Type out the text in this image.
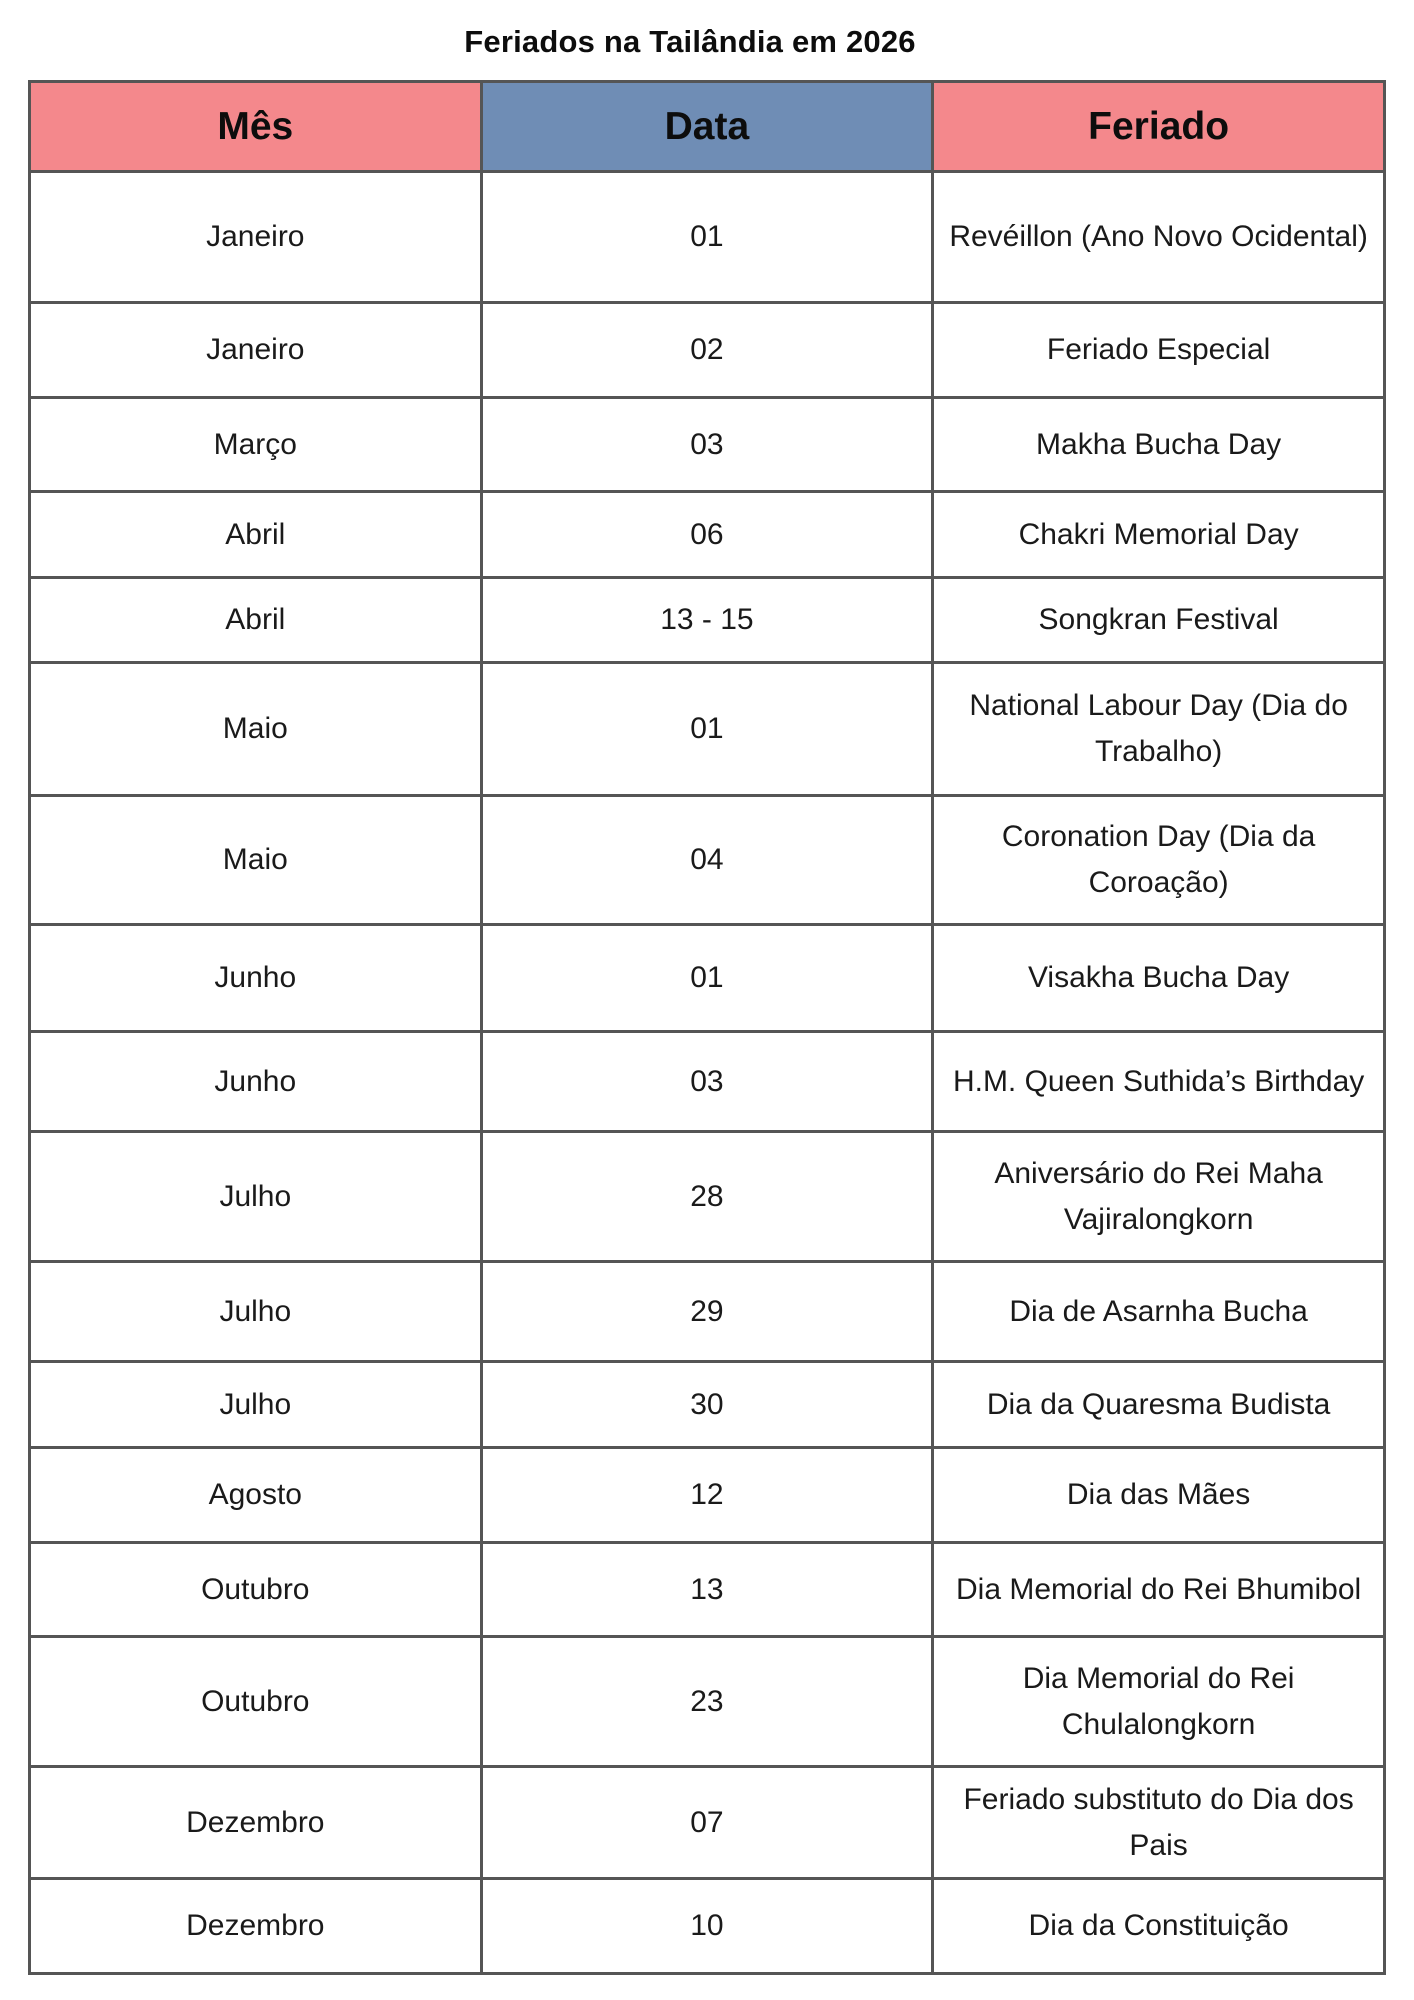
Feriados na Tailândia em 2026
Mês	Data	Feriado
Janeiro	01	Revéillon (Ano Novo Ocidental)
Janeiro	02	Feriado Especial
Março	03	Makha Bucha Day
Abril	06	Chakri Memorial Day
Abril	13 - 15	Songkran Festival
Maio	01	National Labour Day (Dia do Trabalho)
Maio	04	Coronation Day (Dia da Coroação)
Junho	01	Visakha Bucha Day
Junho	03	H.M. Queen Suthida’s Birthday
Julho	28	Aniversário do Rei Maha Vajiralongkorn
Julho	29	Dia de Asarnha Bucha
Julho	30	Dia da Quaresma Budista
Agosto	12	Dia das Mães
Outubro	13	Dia Memorial do Rei Bhumibol
Outubro	23	Dia Memorial do Rei Chulalongkorn
Dezembro	07	Feriado substituto do Dia dos Pais
Dezembro	10	Dia da Constituição
